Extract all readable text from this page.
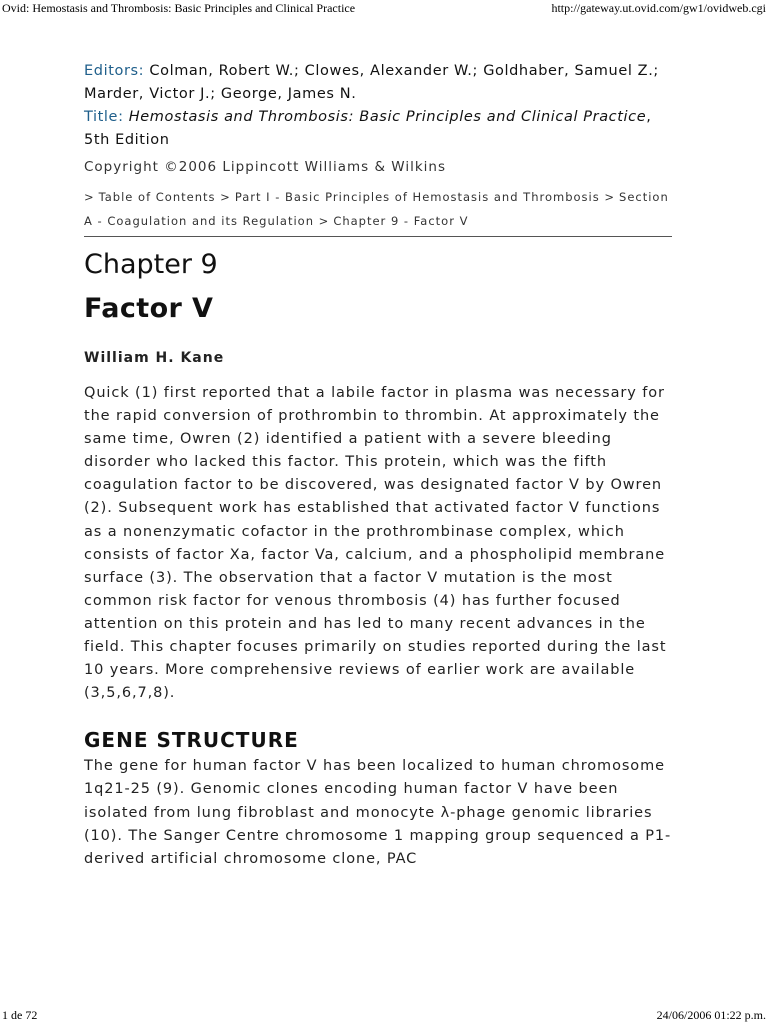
Ovid: Hemostasis and Thrombosis: Basic Principles and Clinical Practice	http://gateway.ut.ovid.com/gw1/ovidweb.cgi
Editors: Colman, Robert W.; Clowes, Alexander W.; Goldhaber, Samuel Z.; Marder, Victor J.; George, James N.
Title: Hemostasis and Thrombosis: Basic Principles and Clinical Practice, 5th Edition
Copyright ©2006 Lippincott Williams & Wilkins
> Table of Contents > Part I - Basic Principles of Hemostasis and Thrombosis > Section A - Coagulation and its Regulation > Chapter 9 - Factor V
Chapter 9
Factor V
William H. Kane

Quick (1) first reported that a labile factor in plasma was necessary for the rapid conversion of prothrombin to thrombin. At approximately the same time, Owren (2) identified a patient with a severe bleeding disorder who lacked this factor. This protein, which was the fifth coagulation factor to be discovered, was designated factor V by Owren (2). Subsequent work has established that activated factor V functions as a nonenzymatic cofactor in the prothrombinase complex, which consists of factor Xa, factor Va, calcium, and a phospholipid membrane surface (3). The observation that a factor V mutation is the most common risk factor for venous thrombosis (4) has further focused attention on this protein and has led to many recent advances in the field. This chapter focuses primarily on studies reported during the last 10 years. More comprehensive reviews of earlier work are available (3,5,6,7,8).

GENE STRUCTURE

The gene for human factor V has been localized to human chromosome 1q21-25 (9). Genomic clones encoding human factor V have been isolated from lung fibroblast and monocyte λ-phage genomic libraries (10). The Sanger Centre chromosome 1 mapping group sequenced a P1-derived artificial chromosome clone, PAC

1 de 72	24/06/2006 01:22 p.m.
